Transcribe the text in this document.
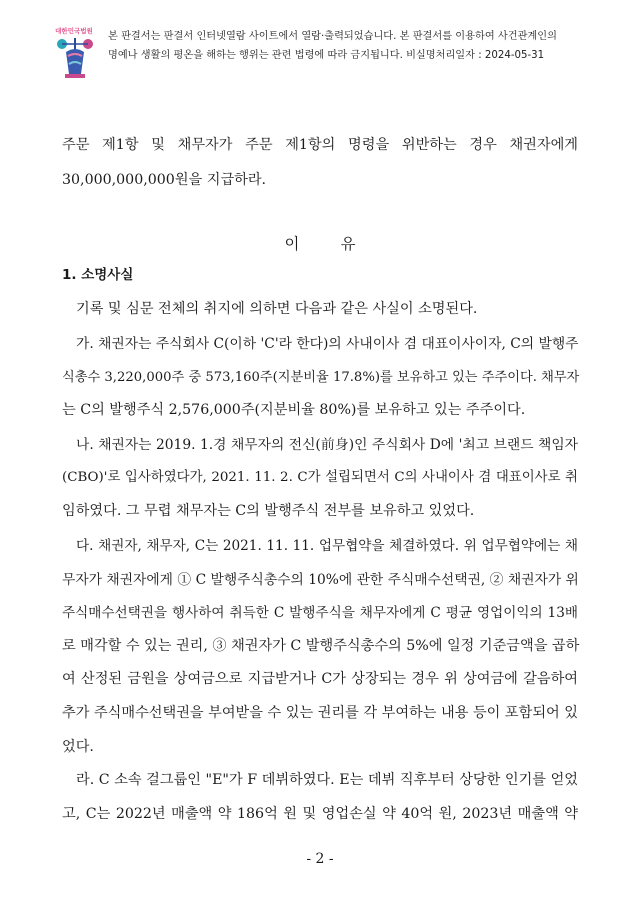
대한민국법원 본 판결서는 판결서 인터넷열람 사이트에서 열람·출력되었습니다. 본 판결서를 이용하여 사건관계인의
명예나 생활의 평온을 해하는 행위는 관련 법령에 따라 금지됩니다. 비실명처리일자 : 2024-05-31
주문 제1항 및 채무자가 주문 제1항의 명령을 위반하는 경우 채권자에게
30,000,000,000원을 지급하라.
이	유
1. 소명사실
기록 및 심문 전체의 취지에 의하면 다음과 같은 사실이 소명된다.
가. 채권자는 주식회사 C(이하 'C'라 한다)의 사내이사 겸 대표이사이자, C의 발행주
식총수 3,220,000주 중 573,160주(지분비율 17.8%)를 보유하고 있는 주주이다. 채무자
는 C의 발행주식 2,576,000주(지분비율 80%)를 보유하고 있는 주주이다.
나. 채권자는 2019. 1.경 채무자의 전신(前身)인 주식회사 D에 '최고 브랜드 책임자
(CBO)'로 입사하였다가, 2021. 11. 2. C가 설립되면서 C의 사내이사 겸 대표이사로 취
임하였다. 그 무렵 채무자는 C의 발행주식 전부를 보유하고 있었다.
다. 채권자, 채무자, C는 2021. 11. 11. 업무협약을 체결하였다. 위 업무협약에는 채
무자가 채권자에게 ① C 발행주식총수의 10%에 관한 주식매수선택권, ② 채권자가 위
주식매수선택권을 행사하여 취득한 C 발행주식을 채무자에게 C 평균 영업이익의 13배
로 매각할 수 있는 권리, ③ 채권자가 C 발행주식총수의 5%에 일정 기준금액을 곱하
여 산정된 금원을 상여금으로 지급받거나 C가 상장되는 경우 위 상여금에 갈음하여
추가 주식매수선택권을 부여받을 수 있는 권리를 각 부여하는 내용 등이 포함되어 있
었다.
라. C 소속 걸그룹인 "E"가 F 데뷔하였다. E는 데뷔 직후부터 상당한 인기를 얻었
고, C는 2022년 매출액 약 186억 원 및 영업손실 약 40억 원, 2023년 매출액 약
- 2 -
